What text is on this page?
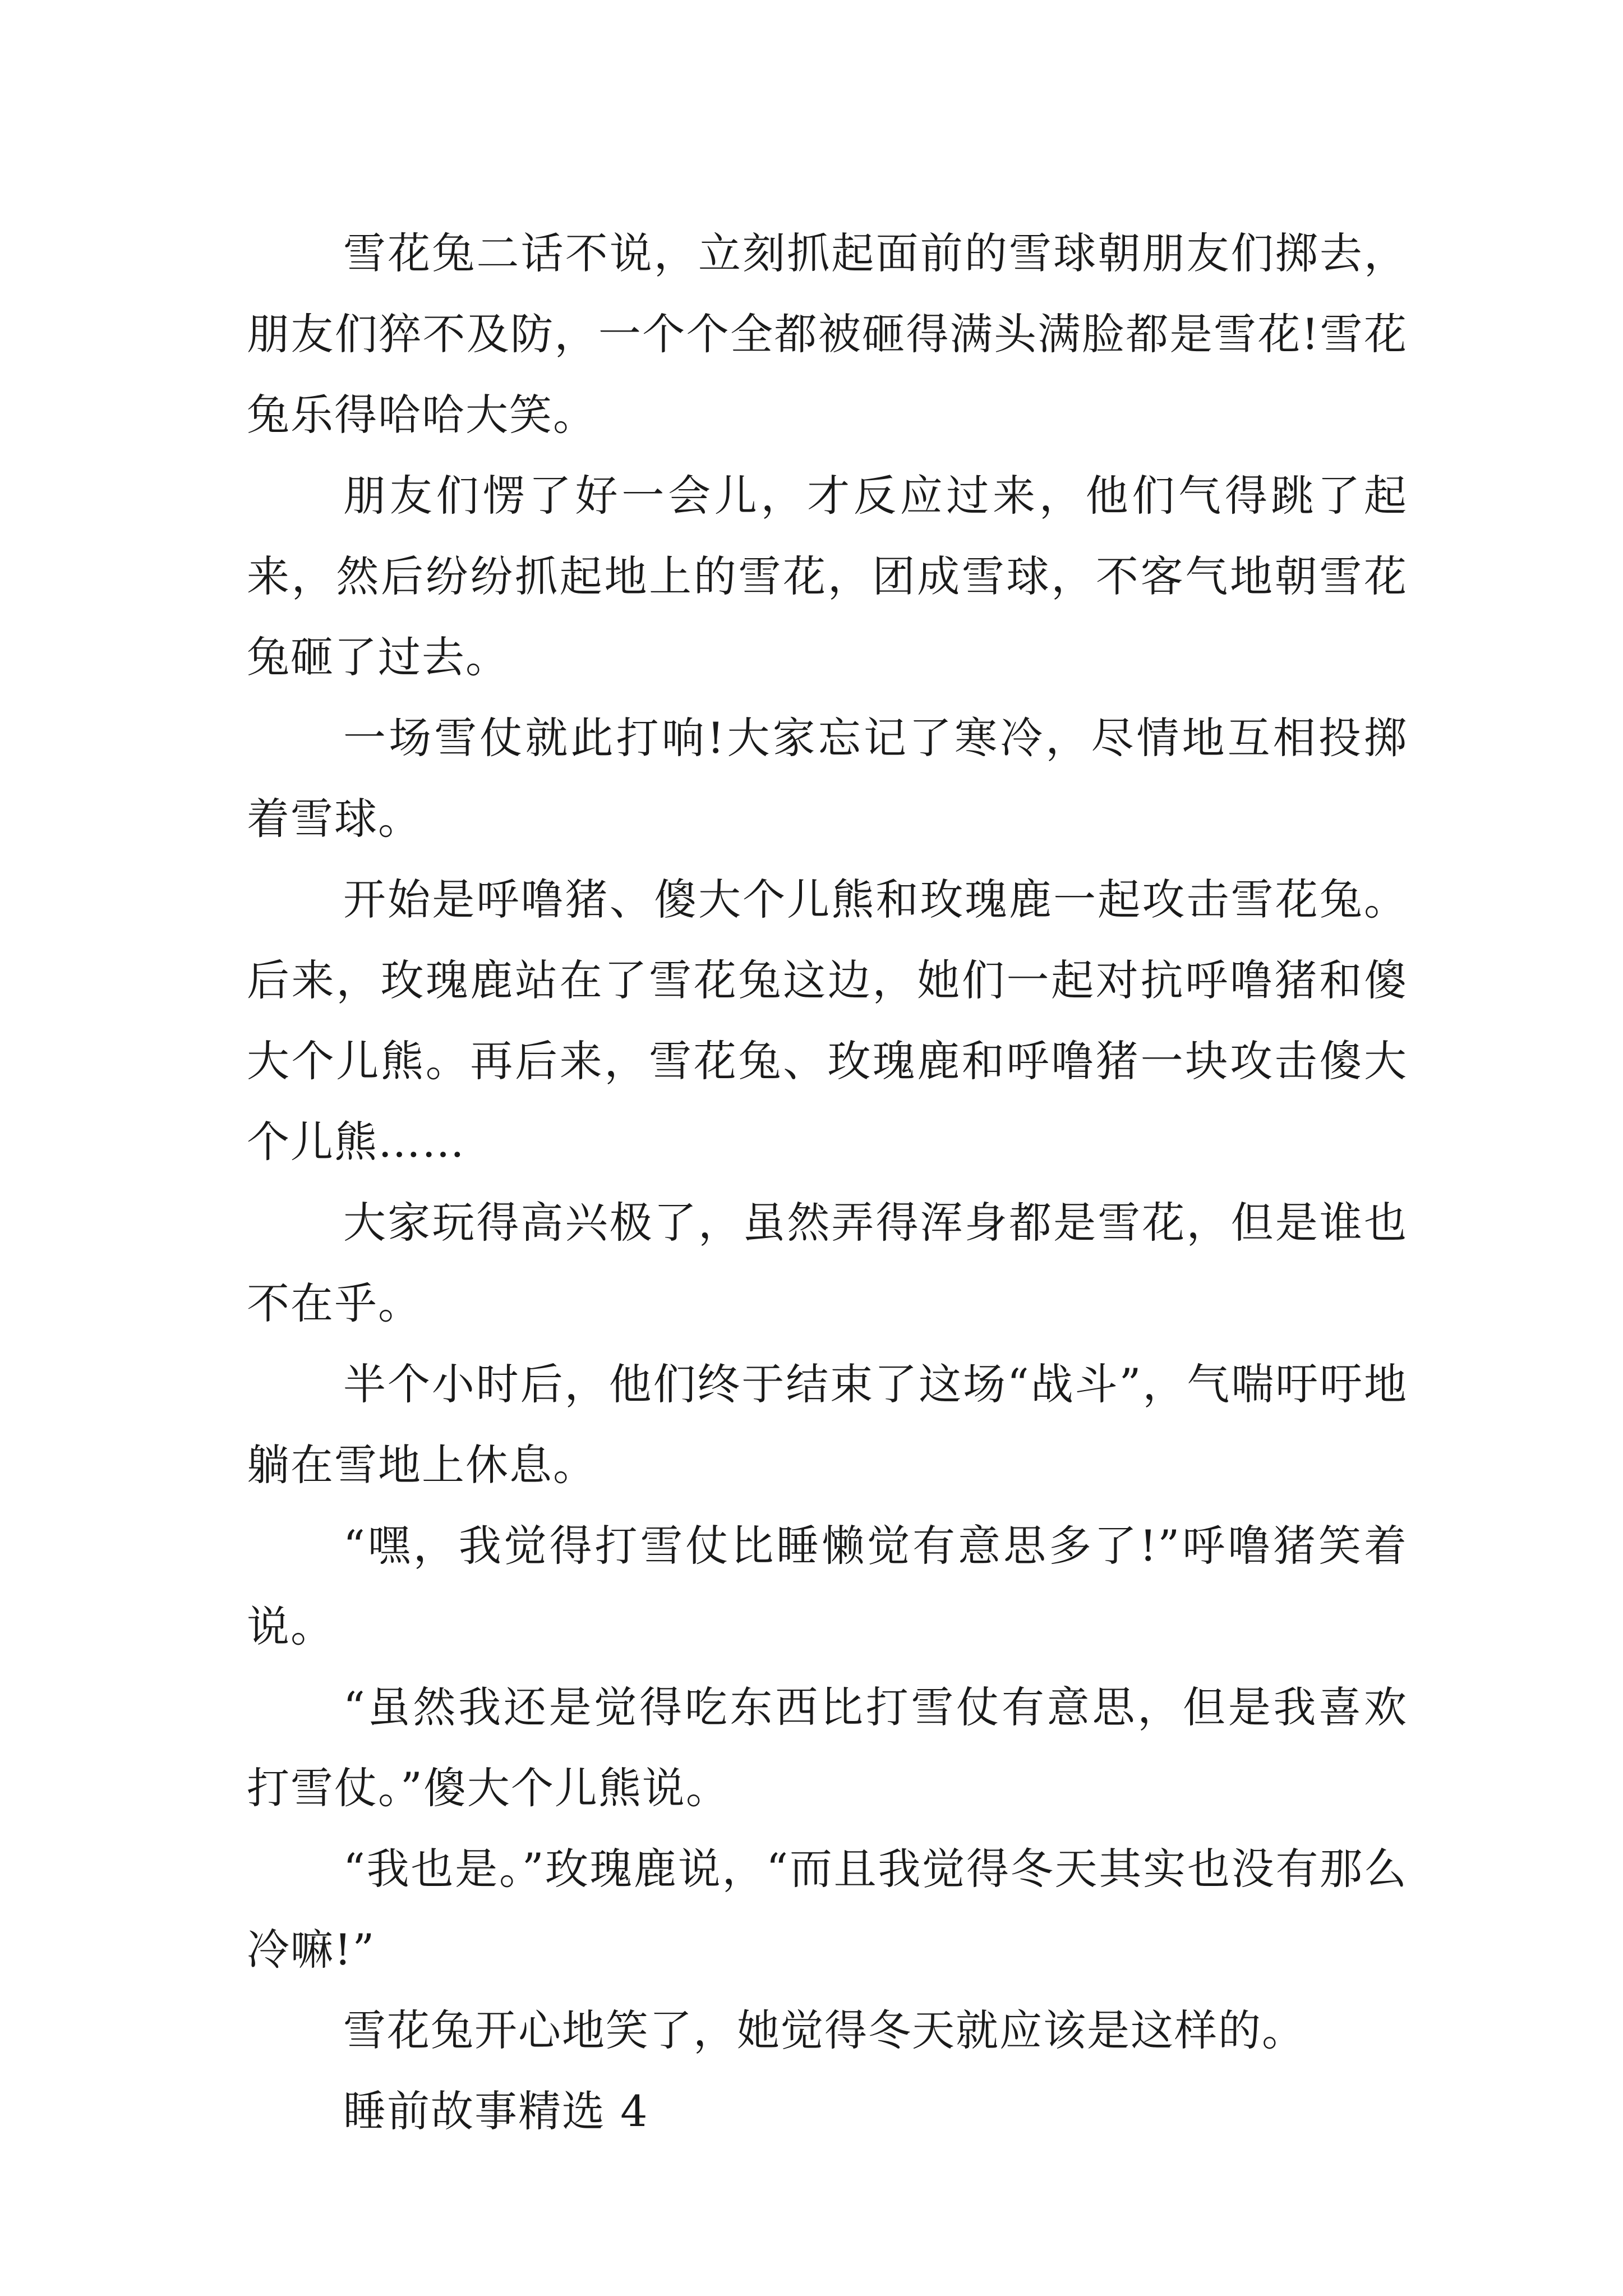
雪花兔二话不说，立刻抓起面前的雪球朝朋友们掷去，朋友们猝不及防，一个个全都被砸得满头满脸都是雪花!雪花兔乐得哈哈大笑。

朋友们愣了好一会儿，才反应过来，他们气得跳了起来，然后纷纷抓起地上的雪花，团成雪球，不客气地朝雪花兔砸了过去。

一场雪仗就此打响!大家忘记了寒冷，尽情地互相投掷着雪球。

开始是呼噜猪、傻大个儿熊和玫瑰鹿一起攻击雪花兔。后来，玫瑰鹿站在了雪花兔这边，她们一起对抗呼噜猪和傻大个儿熊。再后来，雪花兔、玫瑰鹿和呼噜猪一块攻击傻大个儿熊……

大家玩得高兴极了，虽然弄得浑身都是雪花，但是谁也不在乎。

半个小时后，他们终于结束了这场“战斗”，气喘吁吁地躺在雪地上休息。

“嘿，我觉得打雪仗比睡懒觉有意思多了!”呼噜猪笑着说。

“虽然我还是觉得吃东西比打雪仗有意思，但是我喜欢打雪仗。”傻大个儿熊说。

“我也是。”玫瑰鹿说，“而且我觉得冬天其实也没有那么冷嘛!”

雪花兔开心地笑了，她觉得冬天就应该是这样的。

睡前故事精选 4
